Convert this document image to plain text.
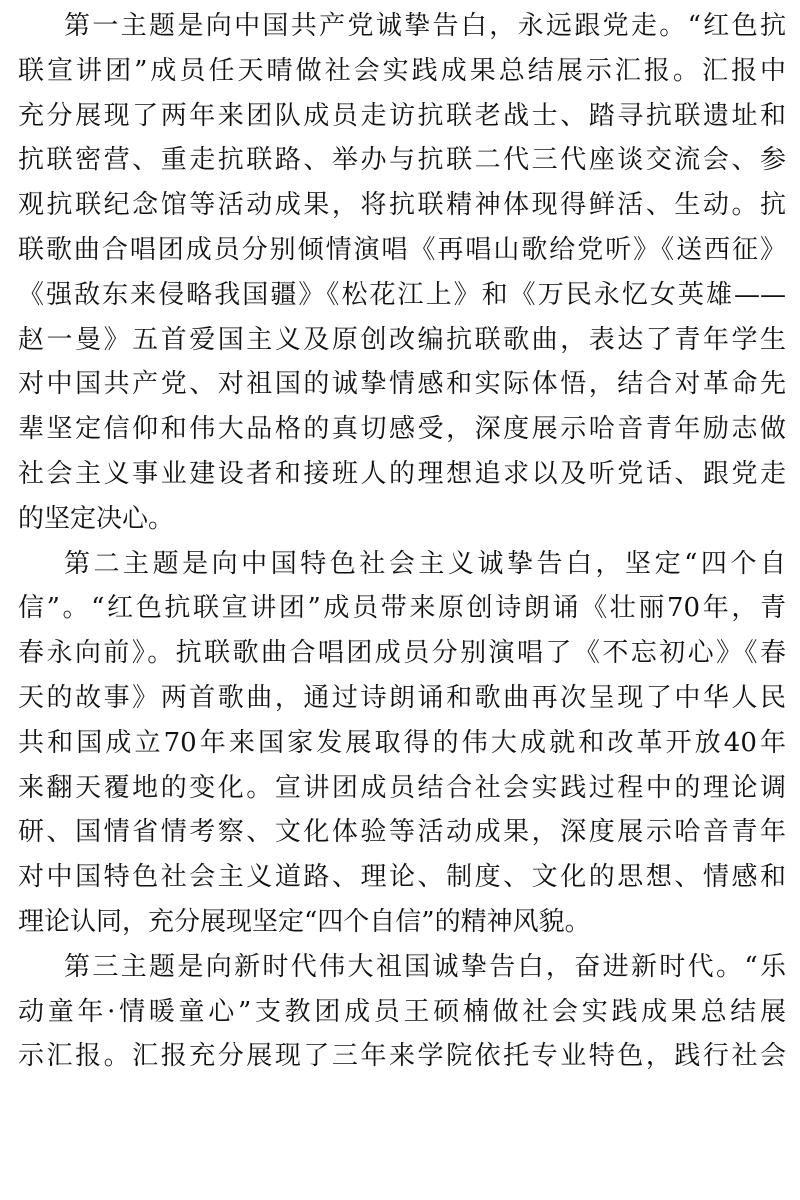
第一主题是向中国共产党诚挚告白，永远跟党走。“红色抗
联宣讲团”成员任天晴做社会实践成果总结展示汇报。汇报中
充分展现了两年来团队成员走访抗联老战士、踏寻抗联遗址和
抗联密营、重走抗联路、举办与抗联二代三代座谈交流会、参
观抗联纪念馆等活动成果，将抗联精神体现得鲜活、生动。抗
联歌曲合唱团成员分别倾情演唱《再唱山歌给党听》《送西征》
《强敌东来侵略我国疆》《松花江上》和《万民永忆女英雄——
赵一曼》五首爱国主义及原创改编抗联歌曲，表达了青年学生
对中国共产党、对祖国的诚挚情感和实际体悟，结合对革命先
辈坚定信仰和伟大品格的真切感受，深度展示哈音青年励志做
社会主义事业建设者和接班人的理想追求以及听党话、跟党走
的坚定决心。
第二主题是向中国特色社会主义诚挚告白，坚定“四个自
信”。“红色抗联宣讲团”成员带来原创诗朗诵《壮丽70年，青
春永向前》。抗联歌曲合唱团成员分别演唱了《不忘初心》《春
天的故事》两首歌曲，通过诗朗诵和歌曲再次呈现了中华人民
共和国成立70年来国家发展取得的伟大成就和改革开放40年
来翻天覆地的变化。宣讲团成员结合社会实践过程中的理论调
研、国情省情考察、文化体验等活动成果，深度展示哈音青年
对中国特色社会主义道路、理论、制度、文化的思想、情感和
理论认同，充分展现坚定“四个自信”的精神风貌。
第三主题是向新时代伟大祖国诚挚告白，奋进新时代。“乐
动童年·情暖童心”支教团成员王硕楠做社会实践成果总结展
示汇报。汇报充分展现了三年来学院依托专业特色，践行社会
